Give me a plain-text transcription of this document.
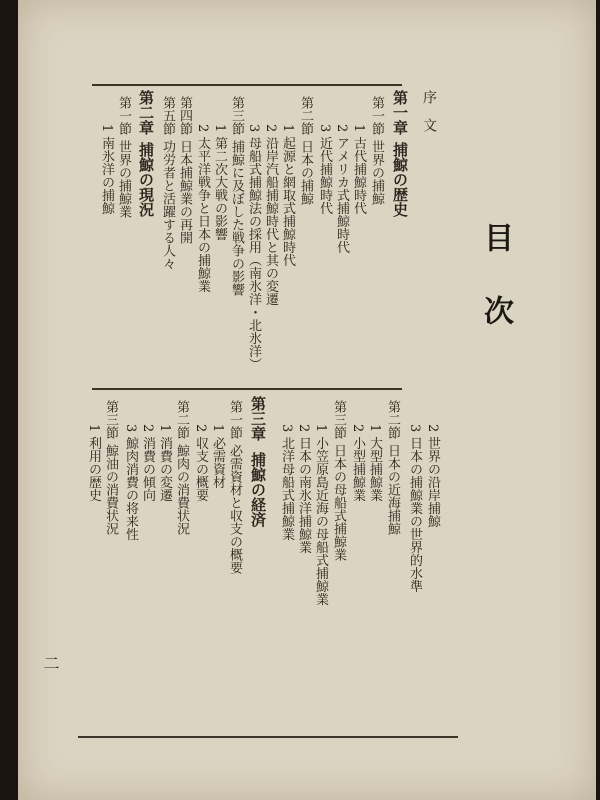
目
次
序　文
第一章
捕鯨の歴史
第一節
世界の捕鯨
1 古代捕鯨時代
2 アメリカ式捕鯨時代
3 近代捕鯨時代
第二節
日本の捕鯨
1 起源と網取式捕鯨時代
2 沿岸汽船捕鯨時代と其の変遷
3 母船式捕鯨法の採用（南氷洋・北氷洋）
第三節
捕鯨に及ぼした戦争の影響
1 第二次大戦の影響
2 太平洋戦争と日本の捕鯨業
第四節
日本捕鯨業の再開
第五節
功労者と活躍する人々
第二章
捕鯨の現況
第一節
世界の捕鯨業
1 南氷洋の捕鯨
2 世界の沿岸捕鯨
3 日本の捕鯨業の世界的水準
第二節
日本の近海捕鯨
1 大型捕鯨業
2 小型捕鯨業
第三節
日本の母船式捕鯨業
1 小笠原島近海の母船式捕鯨業
2 日本の南氷洋捕鯨業
3 北洋母船式捕鯨業
第三章
捕鯨の経済
第一節
必需資材と収支の概要
1 必需資材
2 収支の概要
第二節
鯨肉の消費状況
1 消費の変遷
2 消費の傾向
3 鯨肉消費の将来性
第三節
鯨油の消費状況
1 利用の歴史
二
